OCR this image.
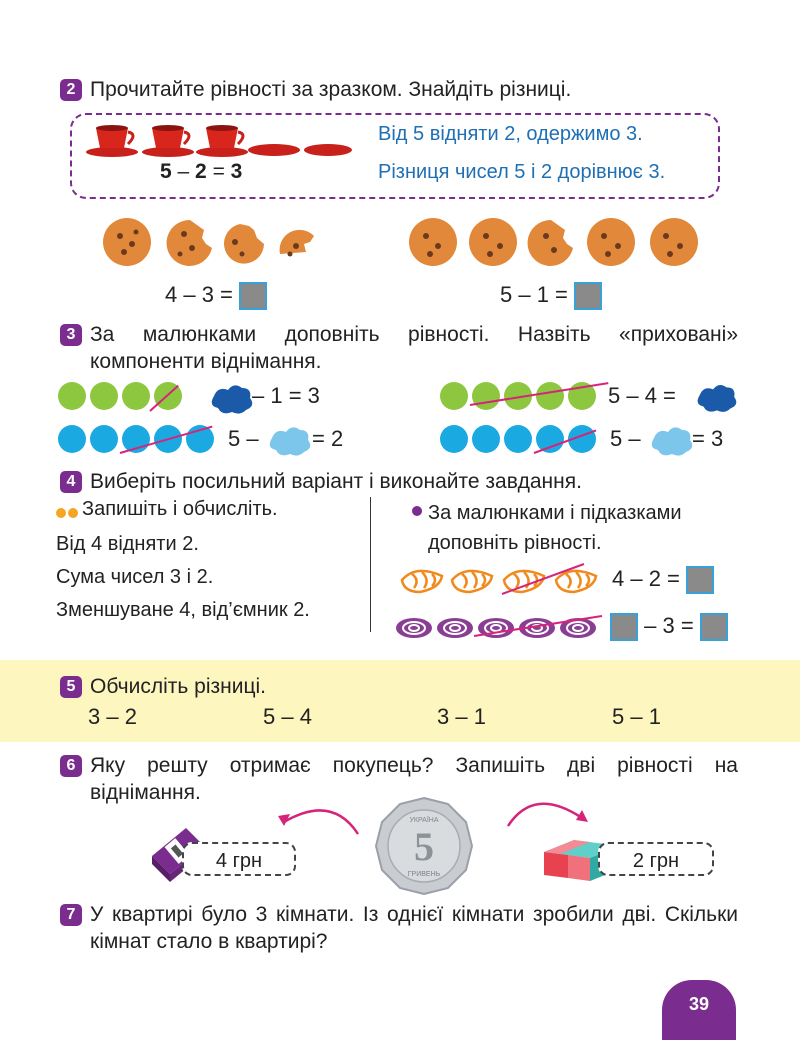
2 Прочитайте рівності за зразком. Знайдіть різниці.
5 – 2 = 3
Від 5 відняти 2, одержимо 3.
Різниця чисел 5 і 2 дорівнює 3.
4 – 3 =	5 – 1 =
3 За малюнками доповніть рівності. Назвіть «приховані» компоненти віднімання.
– 1 = 3	5 – 4 =
5 – = 2	5 – = 3
4 Виберіть посильний варіант і виконайте завдання.
Запишіть і обчисліть.
Від 4 відняти 2.
Сума чисел 3 і 2.
Зменшуване 4, від’ємник 2.
За малюнками і підказками доповніть рівності.
4 – 2 =
– 3 =
5 Обчисліть різниці.
3 – 2	5 – 4	3 – 1	5 – 1
6 Яку решту отримає покупець? Запишіть дві рівності на віднімання.
4 грн	5
УКРАЇНА
ГРИВЕНЬ
2 грн
7 У квартирі було 3 кімнати. Із однієї кімнати зробили дві. Скільки кімнат стало в квартирі?
39
